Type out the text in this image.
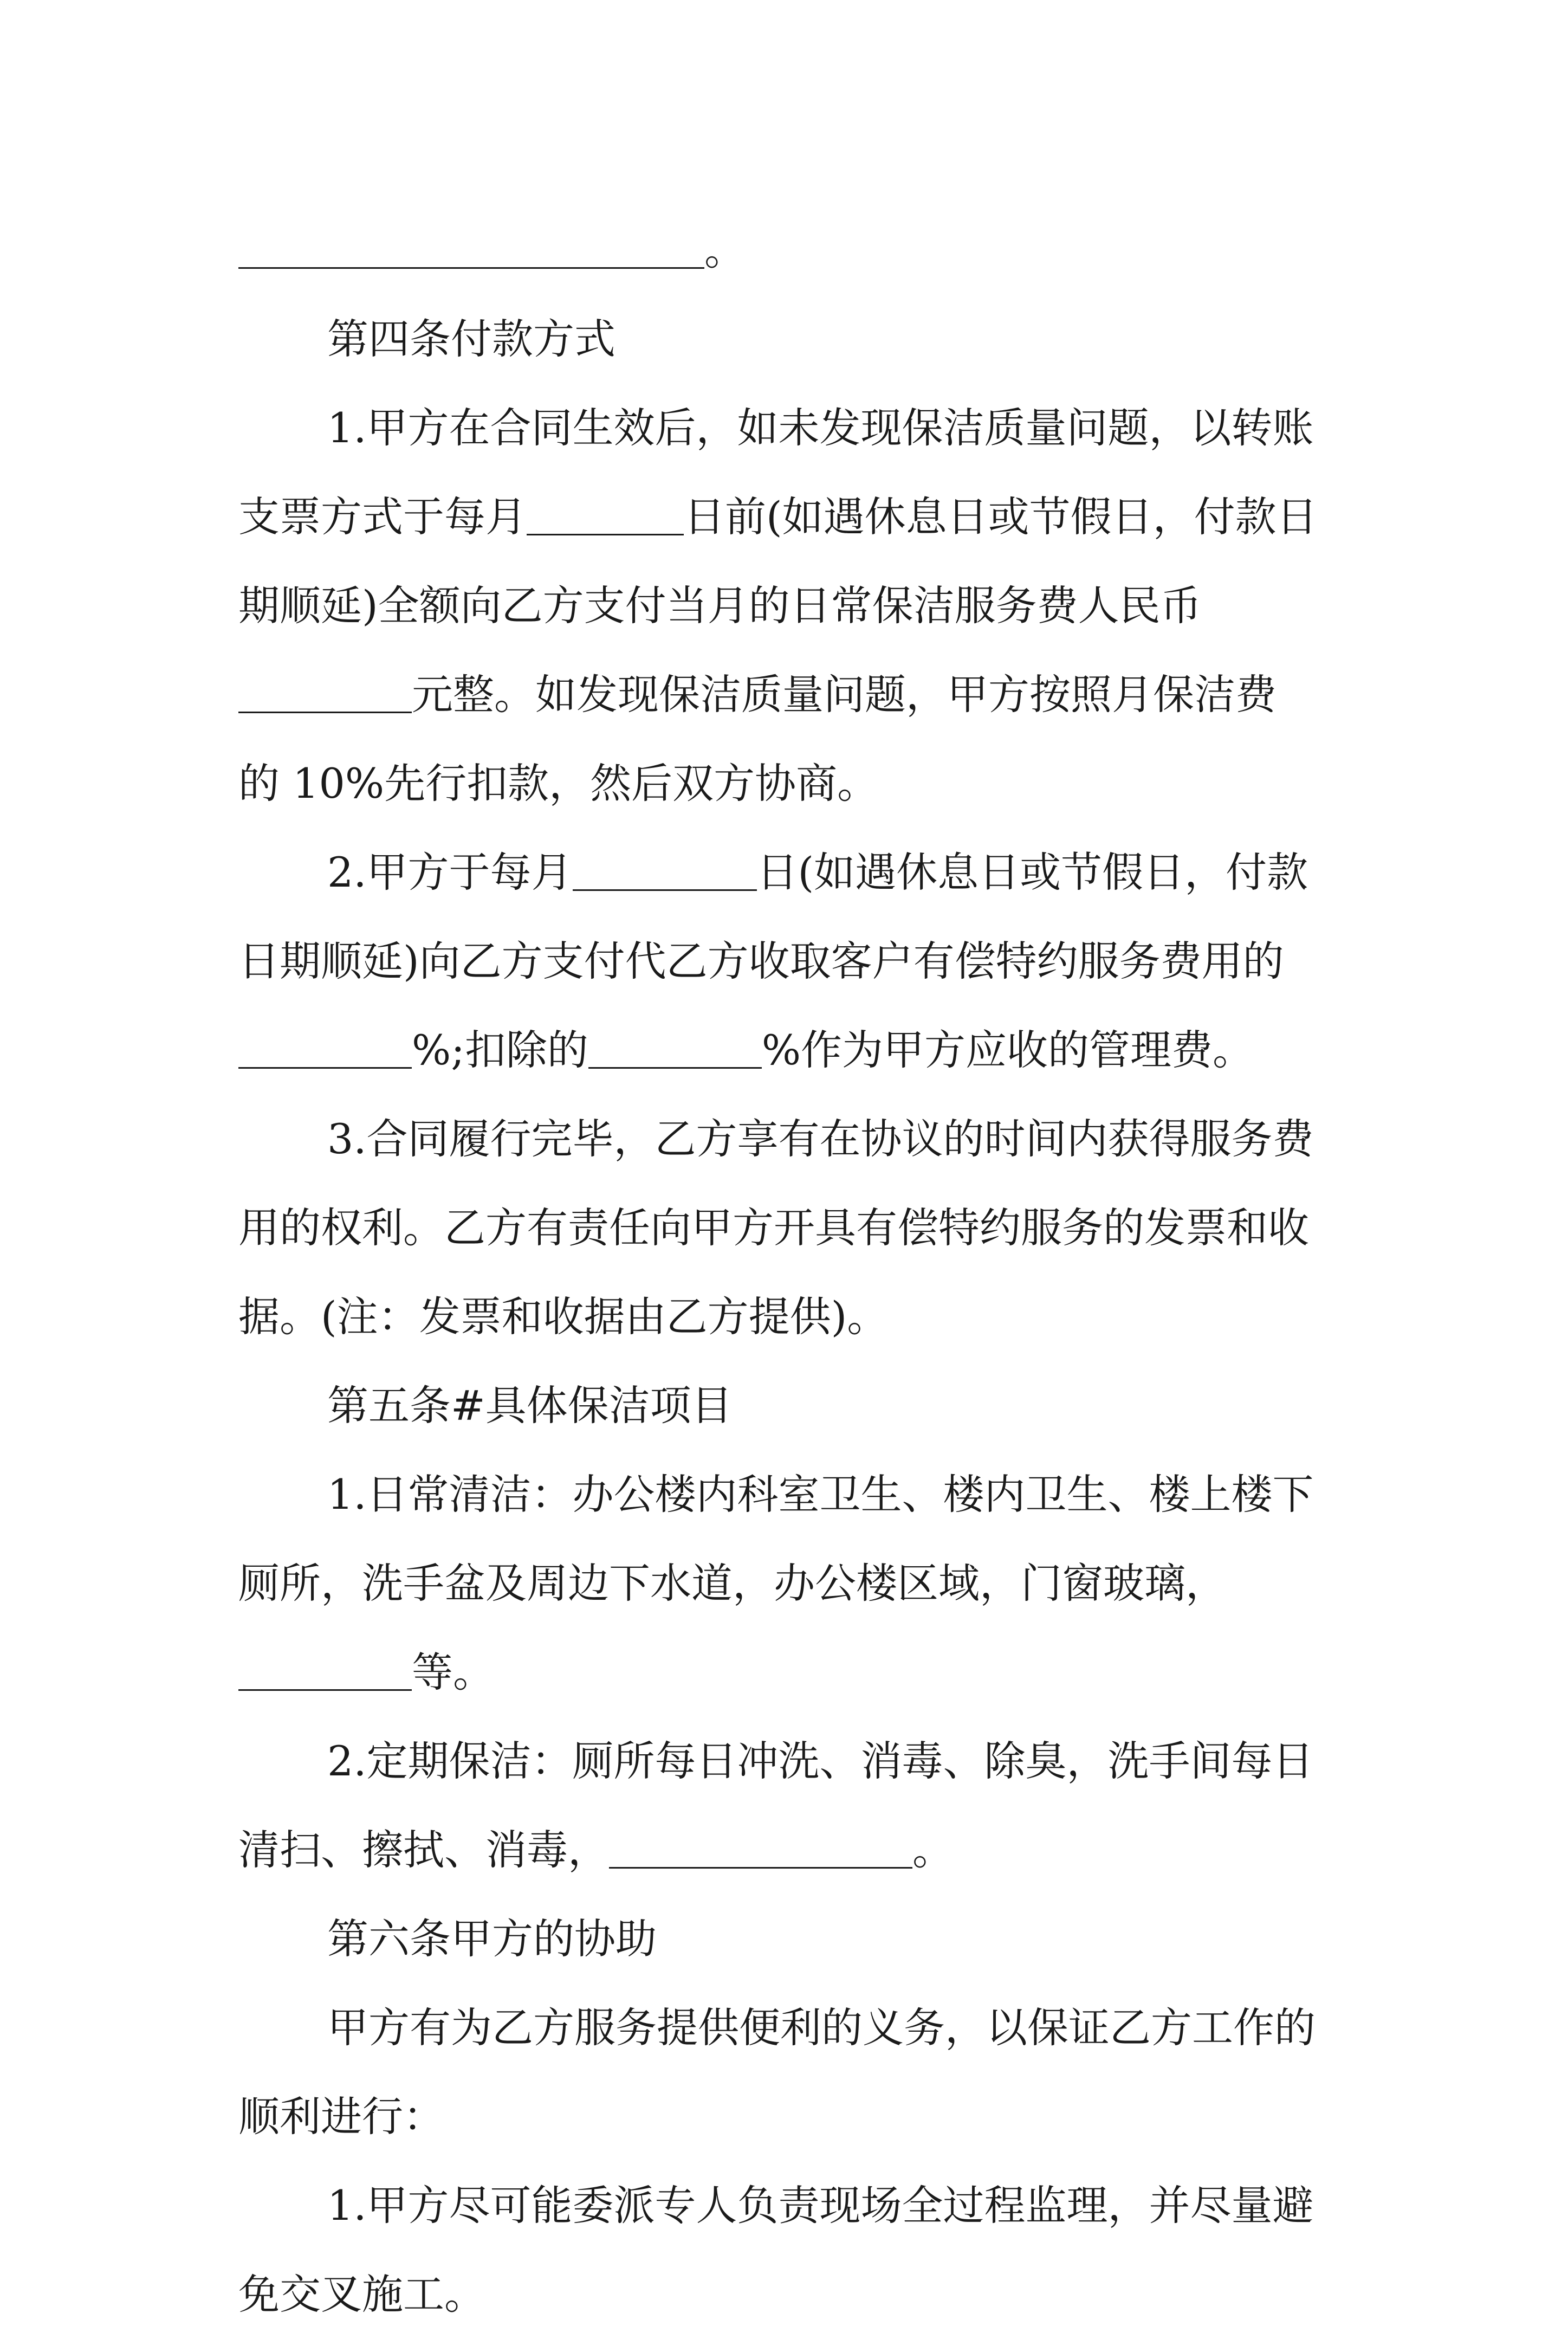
。
第四条付款方式
1.甲方在合同生效后，如未发现保洁质量问题，以转账
支票方式于每月	日前(如遇休息日或节假日，付款日
期顺延)全额向乙方支付当月的日常保洁服务费人民币
元整。如发现保洁质量问题，甲方按照月保洁费
的 10%先行扣款，然后双方协商。
2.甲方于每月	日(如遇休息日或节假日，付款
日期顺延)向乙方支付代乙方收取客户有偿特约服务费用的
%;扣除的	%作为甲方应收的管理费。
3.合同履行完毕，乙方享有在协议的时间内获得服务费
用的权利。乙方有责任向甲方开具有偿特约服务的发票和收
据。(注：发票和收据由乙方提供)。
第五条#具体保洁项目
1.日常清洁：办公楼内科室卫生、楼内卫生、楼上楼下
厕所，洗手盆及周边下水道，办公楼区域，门窗玻璃，
等。
2.定期保洁：厕所每日冲洗、消毒、除臭，洗手间每日
清扫、擦拭、消毒，	。
第六条甲方的协助
甲方有为乙方服务提供便利的义务，以保证乙方工作的
顺利进行：
1.甲方尽可能委派专人负责现场全过程监理，并尽量避
免交叉施工。
